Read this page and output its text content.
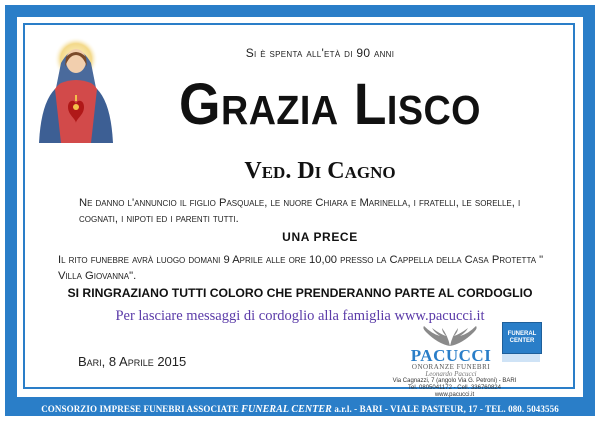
Si è spenta all'età di 90 anni
Grazia Lisco
Ved. Di Cagno
Ne danno l'annuncio il figlio Pasquale, le nuore Chiara e Marinella, i fratelli, le sorelle, i cognati, i nipoti ed i parenti tutti.
UNA PRECE
Il rito funebre avrà luogo domani 9 Aprile alle ore 10,00 presso la Cappella della Casa Protetta " Villa Giovanna".
SI RINGRAZIANO TUTTI COLORO CHE PRENDERANNO PARTE AL CORDOGLIO
Per lasciare messaggi di cordoglio alla famiglia www.pacucci.it
Bari, 8 Aprile 2015	PACUCCI
ONORANZE FUNEBRI
Leonardo Pacucci
Via Cagnazzi, 7 (angolo Via G. Petroni) - BARI
Tel. 0805041172 - Cell. 336760824
www.pacucci.it
FUNERAL
CENTER
CONSORZIO IMPRESE FUNEBRI ASSOCIATE FUNERAL CENTER a.r.l. - BARI - VIALE PASTEUR, 17 - TEL. 080. 5043556
